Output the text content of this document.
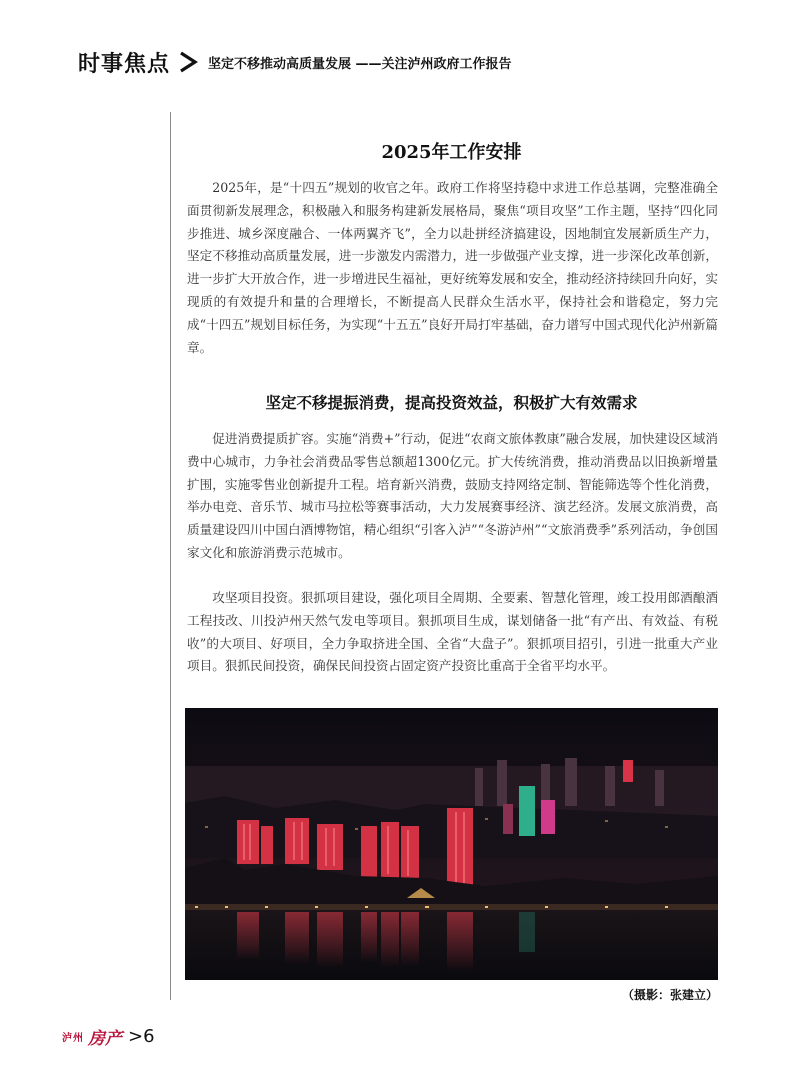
时事焦点	坚定不移推动高质量发展 ——关注泸州政府工作报告
2025年工作安排

2025年，是“十四五”规划的收官之年。政府工作将坚持稳中求进工作总基调，完整准确全面贯彻新发展理念，积极融入和服务构建新发展格局，聚焦“项目攻坚”工作主题，坚持“四化同步推进、城乡深度融合、一体两翼齐飞”，全力以赴拼经济搞建设，因地制宜发展新质生产力，坚定不移推动高质量发展，进一步激发内需潜力，进一步做强产业支撑，进一步深化改革创新，进一步扩大开放合作，进一步增进民生福祉，更好统筹发展和安全，推动经济持续回升向好，实现质的有效提升和量的合理增长，不断提高人民群众生活水平，保持社会和谐稳定，努力完成“十四五”规划目标任务，为实现“十五五”良好开局打牢基础，奋力谱写中国式现代化泸州新篇章。

坚定不移提振消费，提高投资效益，积极扩大有效需求

促进消费提质扩容。实施“消费+”行动，促进“农商文旅体教康”融合发展，加快建设区域消费中心城市，力争社会消费品零售总额超1300亿元。扩大传统消费，推动消费品以旧换新增量扩围，实施零售业创新提升工程。培育新兴消费，鼓励支持网络定制、智能筛选等个性化消费，举办电竞、音乐节、城市马拉松等赛事活动，大力发展赛事经济、演艺经济。发展文旅消费，高质量建设四川中国白酒博物馆，精心组织“引客入泸”“冬游泸州”“文旅消费季”系列活动，争创国家文化和旅游消费示范城市。

攻坚项目投资。狠抓项目建设，强化项目全周期、全要素、智慧化管理，竣工投用郎酒酿酒工程技改、川投泸州天然气发电等项目。狠抓项目生成，谋划储备一批“有产出、有效益、有税收”的大项目、好项目，全力争取挤进全国、全省“大盘子”。狠抓项目招引，引进一批重大产业项目。狠抓民间投资，确保民间投资占固定资产投资比重高于全省平均水平。

（摄影：张建立）
泸州 房产 >6
